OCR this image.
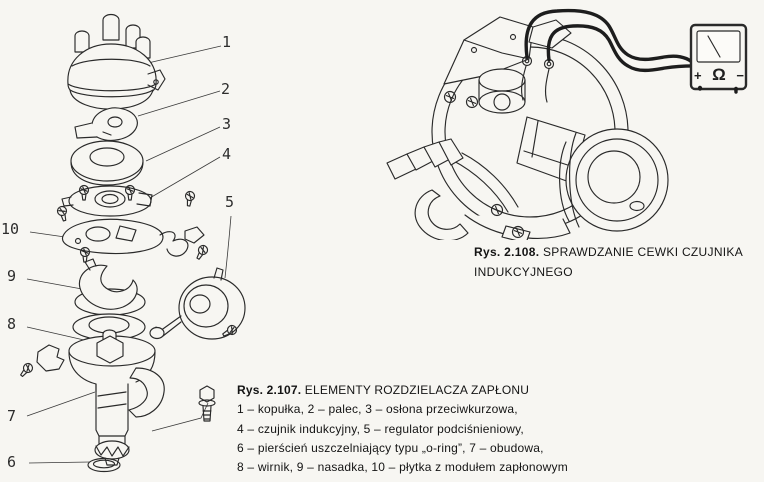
1
2
3
4
5
6
7
8
9
10
+ Ω −
Rys. 2.108. SPRAWDZANIE CEWKI CZUJNIKA
INDUKCYJNEGO
Rys. 2.107. ELEMENTY ROZDZIELACZA ZAPŁONU
1 – kopułka, 2 – palec, 3 – osłona przeciwkurzowa,
4 – czujnik indukcyjny, 5 – regulator podciśnieniowy,
6 – pierścień uszczelniający typu „o-ring”, 7 – obudowa,
8 – wirnik, 9 – nasadka, 10 – płytka z modułem zapłonowym
